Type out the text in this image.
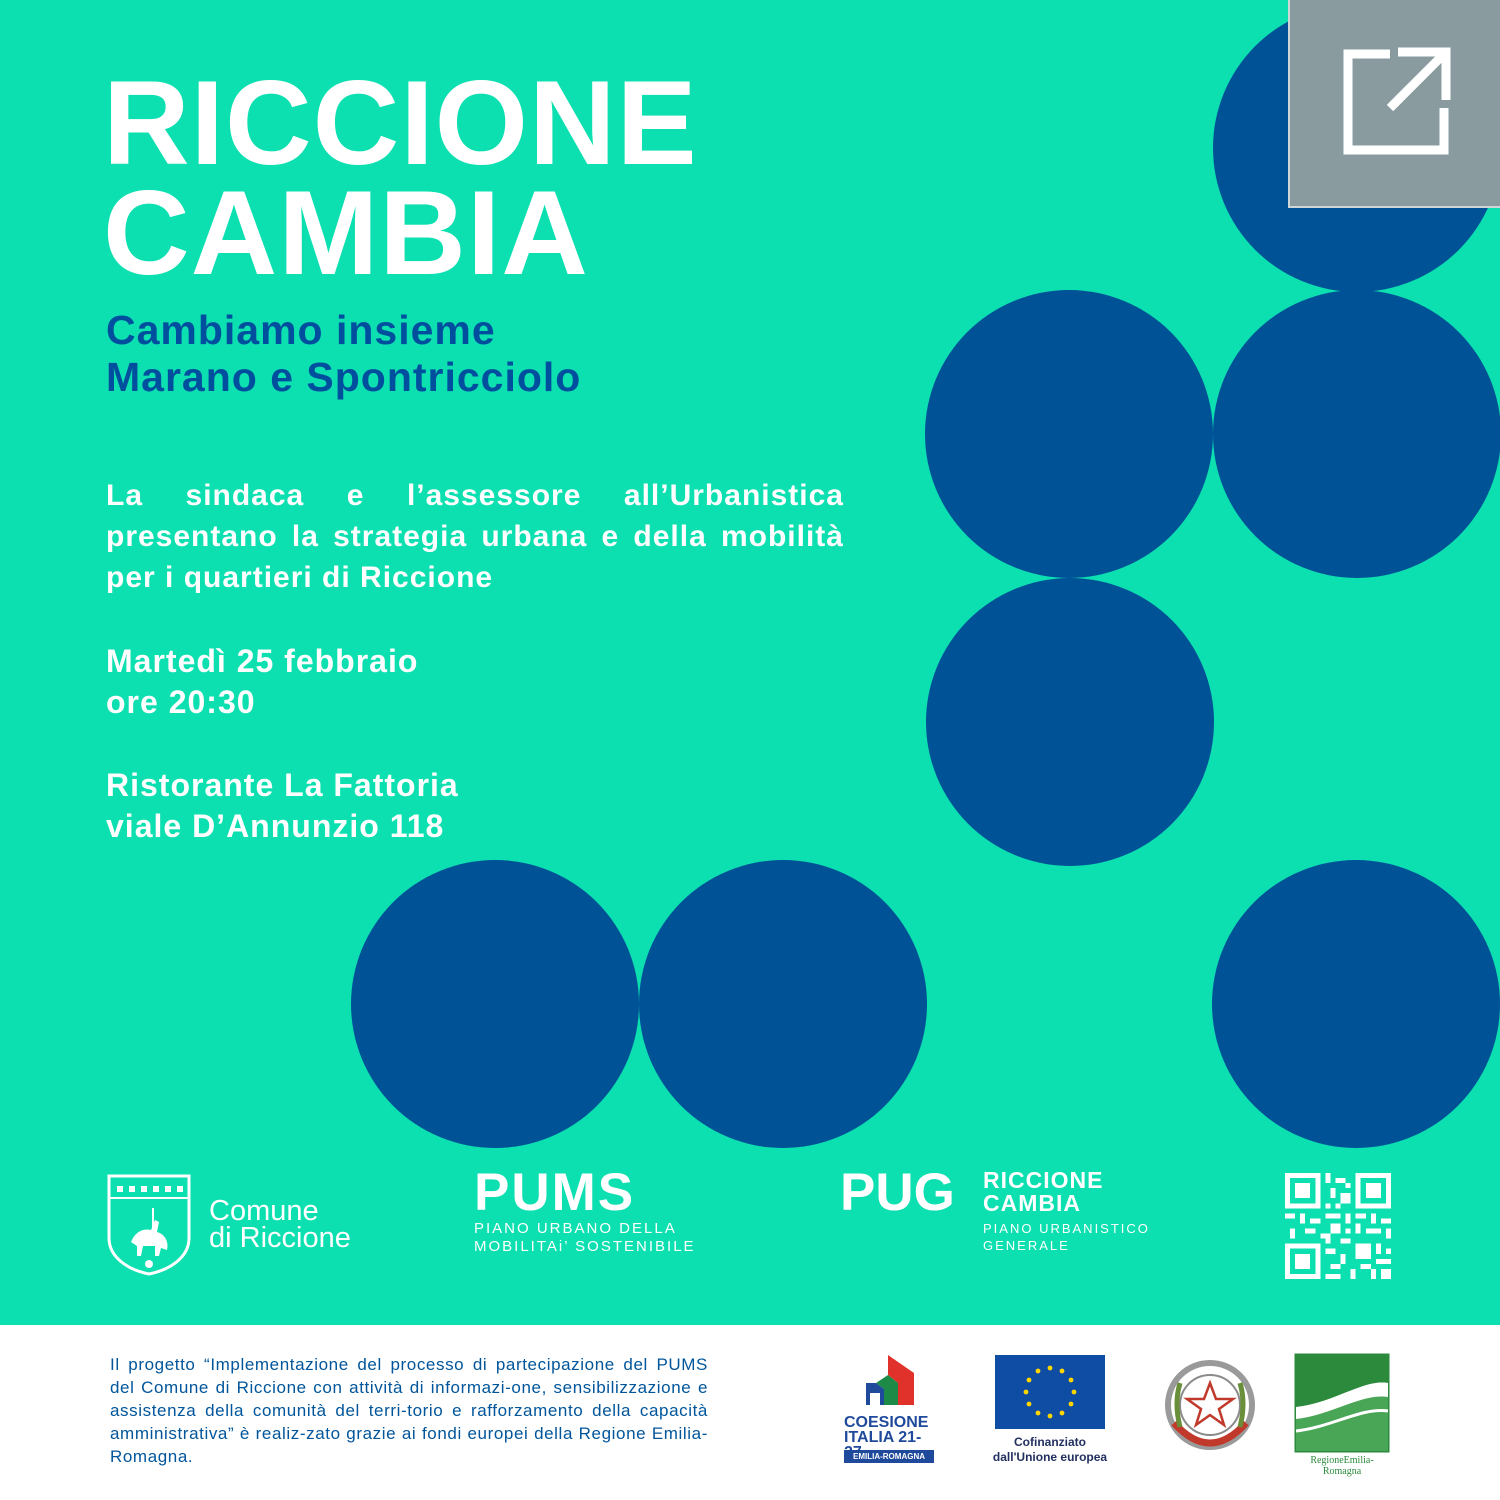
RICCIONE
CAMBIA
Cambiamo insieme
Marano e Spontricciolo
La sindaca e l’assessore all’Urbanistica presentano la strategia urbana e della mobilità per i quartieri di Riccione
Martedì 25 febbraio
ore 20:30
Ristorante La Fattoria
viale D’Annunzio 118
Comune
di Riccione
PUMS
PIANO URBANO DELLA
MOBILITAi’ SOSTENIBILE
PUG RICCIONE
CAMBIA
PIANO URBANISTICO
GENERALE
Il progetto “Implementazione del processo di partecipazione del PUMS del Comune di Riccione con attività di informazi-one, sensibilizzazione e assistenza della comunità del terri-torio e rafforzamento della capacità amministrativa” è realiz-zato grazie ai fondi europei della Regione Emilia-Romagna.
COESIONE
ITALIA 21-
EMILIA-ROMAGNA
Cofinanziato
dall'Unione europea	RegioneEmilia-Romagna
